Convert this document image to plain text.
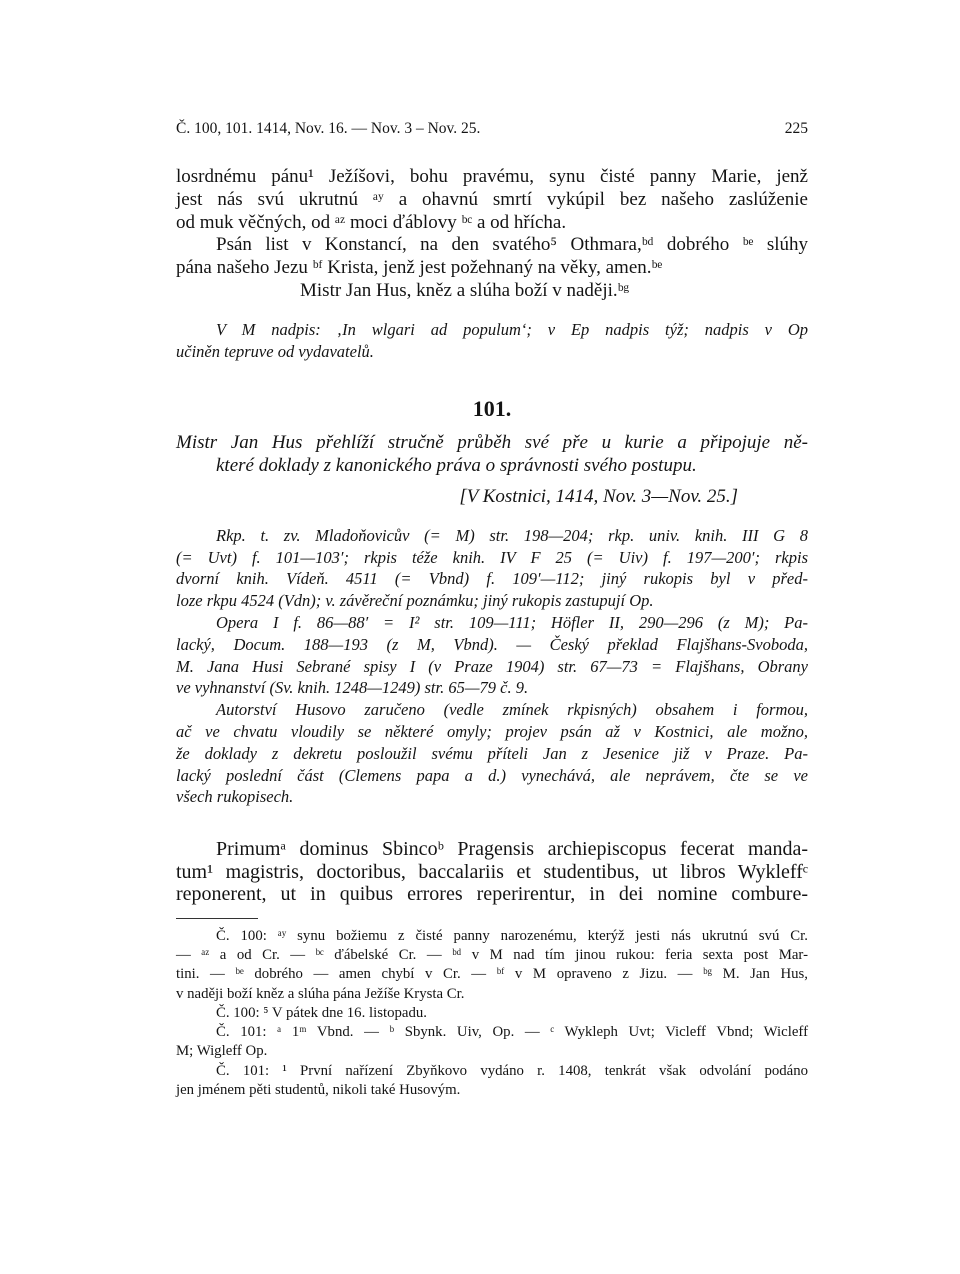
Č. 100, 101. 1414, Nov. 16. — Nov. 3 – Nov. 25.	225
losrdnému pánu¹ Ježíšovi, bohu pravému, synu čisté panny Marie, jenž
jest nás svú ukrutnú ᵃʸ a ohavnú smrtí vykúpil bez našeho zaslúženie
od muk věčných, od ᵃᶻ moci ďáblovy ᵇᶜ a od hřícha.
Psán list v Konstancí, na den svatého⁵ Othmara,ᵇᵈ dobrého ᵇᵉ slúhy
pána našeho Jezu ᵇᶠ Krista, jenž jest požehnaný na věky, amen.ᵇᵉ
Mistr Jan Hus, kněz a slúha boží v naději.ᵇᵍ
V M nadpis: ‚In wlgari ad populum‘; v Ep nadpis týž; nadpis v Op
učiněn tepruve od vydavatelů.
101.
Mistr Jan Hus přehlíží stručně průběh své pře u kurie a připojuje ně-
které doklady z kanonického práva o správnosti svého postupu.
[V Kostnici, 1414, Nov. 3—Nov. 25.]
Rkp. t. zv. Mladoňovicův (= M) str. 198—204; rkp. univ. knih. III G 8
(= Uvt) f. 101—103′; rkpis téže knih. IV F 25 (= Uiv) f. 197—200′; rkpis
dvorní knih. Vídeň. 4511 (= Vbnd) f. 109′—112; jiný rukopis byl v před-
loze rkpu 4524 (Vdn); v. závěreční poznámku; jiný rukopis zastupují Op.
Opera I f. 86—88′ = I² str. 109—111; Höfler II, 290—296 (z M); Pa-
lacký, Docum. 188—193 (z M, Vbnd). — Český překlad Flajšhans-Svoboda,
M. Jana Husi Sebrané spisy I (v Praze 1904) str. 67—73 = Flajšhans, Obrany
ve vyhnanství (Sv. knih. 1248—1249) str. 65—79 č. 9.
Autorství Husovo zaručeno (vedle zmínek rkpisných) obsahem i formou,
ač ve chvatu vloudily se některé omyly; projev psán až v Kostnici, ale možno,
že doklady z dekretu posloužil svému příteli Jan z Jesenice již v Praze. Pa-
lacký poslední část (Clemens papa a d.) vynechává, ale neprávem, čte se ve
všech rukopisech.
Primumᵃ dominus Sbincoᵇ Pragensis archiepiscopus fecerat manda-
tum¹ magistris, doctoribus, baccalariis et studentibus, ut libros Wykleffᶜ
reponerent, ut in quibus errores reperirentur, in dei nomine combure-
Č. 100: ᵃʸ synu božiemu z čisté panny narozenému, kterýž jesti nás ukrutnú svú Cr.
— ᵃᶻ a od Cr. — ᵇᶜ ďábelské Cr. — ᵇᵈ v M nad tím jinou rukou: feria sexta post Mar-
tini. — ᵇᵉ dobrého — amen chybí v Cr. — ᵇᶠ v M opraveno z Jizu. — ᵇᵍ M. Jan Hus,
v naději boží kněz a slúha pána Ježíše Krysta Cr.
Č. 100: ⁵ V pátek dne 16. listopadu.
Č. 101: ᵃ 1ᵐ Vbnd. — ᵇ Sbynk. Uiv, Op. — ᶜ Wykleph Uvt; Vicleff Vbnd; Wicleff
M; Wigleff Op.
Č. 101: ¹ První nařízení Zbyňkovo vydáno r. 1408, tenkrát však odvolání podáno
jen jménem pěti studentů, nikoli také Husovým.
